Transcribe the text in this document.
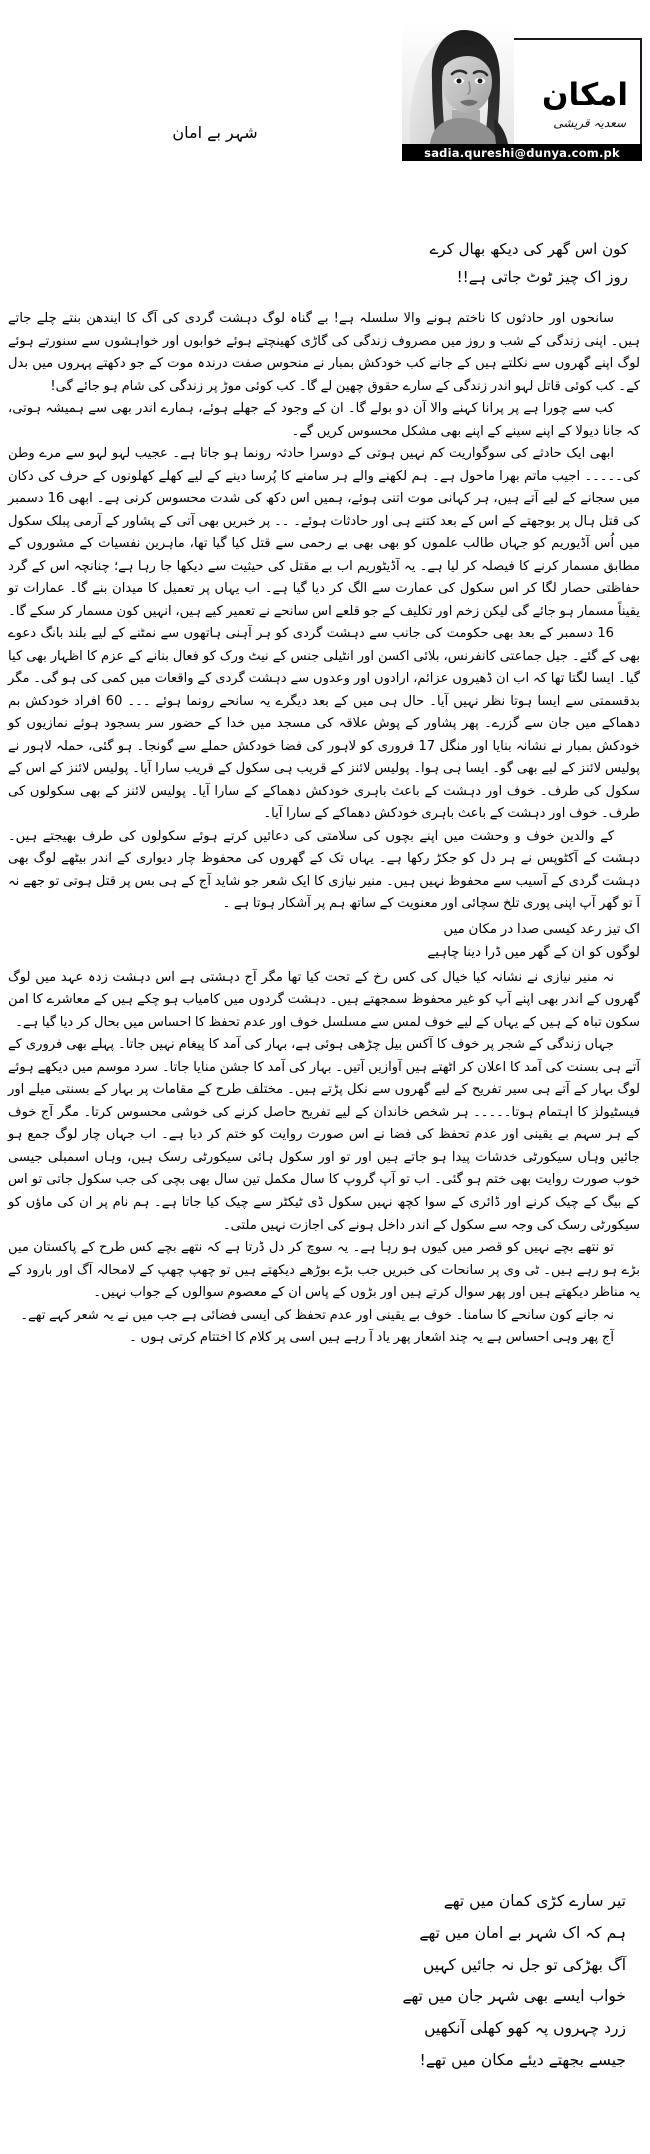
امکان
سعدیہ قریشی
sadia.qureshi@dunya.com.pk
شہر بے امان
کون اس گھر کی دیکھ بھال کرے
روز اک چیز ٹوٹ جاتی ہے!!

سانحوں اور حادثوں کا ناختم ہونے والا سلسلہ ہے! بے گناہ لوگ دہشت گردی کی آگ کا ایندھن بنتے چلے جاتے ہیں۔ اپنی زندگی کے شب و روز میں مصروف زندگی کی گاڑی کھینچتے ہوئے خوابوں اور خواہشوں سے سنورتے ہوئے لوگ اپنے گھروں سے نکلتے ہیں کے جانے کب خودکش بمبار نے منحوس صفت درندہ موت کے جو دکھتے پہروں میں بدل کے۔ کب کوئی قاتل لہو اندر زندگی کے سارے حقوق چھین لے گا۔ کب کوئی موڑ پر زندگی کی شام ہو جائے گی!

کب سے چورا ہے پر پرانا کہنے والا آن دو بولے گا۔ ان کے وجود کے جھلے ہوئے، ہمارے اندر بھی سے ہمیشہ ہوتی، کہ جانا دیولا کے اپنے سینے کے اپنے بھی مشکل محسوس کریں گے۔

ابھی ایک حادثے کی سوگواریت کم نہیں ہوتی کے دوسرا حادثہ رونما ہو جاتا ہے۔ عجیب لہو لہو سے مرے وطن کی۔۔۔۔۔ اجیب ماتم بھرا ماحول ہے۔ ہم لکھنے والے ہر سامنے کا پُرسا دینے کے لیے کھلے کھلونوں کے حرف کی دکان میں سجانے کے لیے آتے ہیں، ہر کہانی موت اتنی ہوئے، ہمیں اس دکھ کی شدت محسوس کرنی ہے۔ ابھی 16 دسمبر کی قتل ہال پر بوجھتے کے اس کے بعد کتنے ہی اور حادثات ہوئے۔ ۔۔ پر خبریں بھی آتی کے پشاور کے آرمی پبلک سکول میں اُس آڈیوریم کو جہاں طالب علموں کو بھی بھی بے رحمی سے قتل کیا گیا تھا، ماہرین نفسیات کے مشوروں کے مطابق مسمار کرنے کا فیصلہ کر لیا ہے۔ یہ آڈیٹوریم اب بے مقتل کی حیثیت سے دیکھا جا رہا ہے؛ چنانچہ اس کے گرد حفاظتی حصار لگا کر اس سکول کی عمارت سے الگ کر دیا گیا ہے۔ اب یہاں پر تعمیل کا میدان بنے گا۔ عمارات تو یقیناً مسمار ہو جائے گی لیکن زخم اور تکلیف کے جو قلعے اس سانحے نے تعمیر کیے ہیں، انہیں کون مسمار کر سکے گا۔

16 دسمبر کے بعد بھی حکومت کی جانب سے دہشت گردی کو ہر آہنی ہاتھوں سے نمٹنے کے لیے بلند بانگ دعوے بھی کے گئے۔ جیل جماعتی کانفرنس، بلائی اکسن اور انٹیلی جنس کے نیٹ ورک کو فعال بنانے کے عزم کا اظہار بھی کیا گیا۔ ایسا لگتا تھا کہ اب ان ڈھیروں عزائم، ارادوں اور وعدوں سے دہشت گردی کے واقعات میں کمی کی ہو گی۔ مگر بدقسمتی سے ایسا ہوتا نظر نہیں آیا۔ حال ہی میں کے بعد دیگرے یہ سانحے رونما ہوئے ۔۔۔ 60 افراد خودکش بم دھماکے میں جان سے گزرے۔ پھر پشاور کے پوش علاقہ کی مسجد میں خدا کے حضور سر بسجود ہوئے نمازیوں کو خودکش بمبار نے نشانہ بنایا اور منگل 17 فروری کو لاہور کی فضا خودکش حملے سے گونجا۔ ہو گئی، حملہ لاہور نے پولیس لائنز کے لیے بھی گو۔ ایسا ہی ہوا۔ پولیس لائنز کے قریب ہی سکول کے قریب سارا آیا۔ پولیس لائنز کے اس کے سکول کی طرف۔ خوف اور دہشت کے باعث باہری خودکش دھماکے کے سارا آیا۔ پولیس لائنز کے بھی سکولوں کی طرف۔ خوف اور دہشت کے باعث باہری خودکش دھماکے کے سارا آیا۔

کے والدین خوف و وحشت میں اپنے بچوں کی سلامتی کی دعائیں کرتے ہوئے سکولوں کی طرف بھیجتے ہیں۔ دہشت کے آکٹوپس نے ہر دل کو جکڑ رکھا ہے۔ یہاں تک کے گھروں کی محفوظ چار دیواری کے اندر بیٹھے لوگ بھی دہشت گردی کے آسیب سے محفوظ نہیں ہیں۔ منیر نیازی کا ایک شعر جو شاید آج کے ہی بس پر قتل ہوتی تو جھے نہ آ تو گھر آپ اپنی پوری تلخ سچائی اور معنویت کے ساتھ ہم پر آشکار ہوتا ہے ۔

اک تیز رعد کیسی صدا در مکان میں
لوگوں کو ان کے گھر میں ڈرا دینا چاہیے

نہ منیر نیازی نے نشانہ کیا خیال کی کس رخ کے تحت کیا تھا مگر آج دہشتی ہے اس دہشت زدہ عہد میں لوگ گھروں کے اندر بھی اپنے آپ کو غیر محفوظ سمجھتے ہیں۔ دہشت گردوں میں کامیاب ہو چکے ہیں کے معاشرے کا امن سکون تباہ کے ہیں کے یہاں کے لیے خوف لمس سے مسلسل خوف اور عدم تحفظ کا احساس میں بحال کر دیا گیا ہے۔

جہاں زندگی کے شجر پر خوف کا آکس بیل چڑھی ہوئی ہے، بہار کی آمد کا پیغام نہیں جاتا۔ پہلے بھی فروری کے آتے ہی بسنت کی آمد کا اعلان کر اٹھتے ہیں آوازیں آتیں۔ بہار کی آمد کا جشن منایا جاتا۔ سرد موسم میں دیکھے ہوئے لوگ بہار کے آتے ہی سیر تفریح کے لیے گھروں سے نکل پڑتے ہیں۔ مختلف طرح کے مقامات پر بہار کے بسنتی میلے اور فیسٹیولز کا اہتمام ہوتا۔۔۔۔۔ ہر شخص خاندان کے لیے تفریح حاصل کرنے کی خوشی محسوس کرتا۔ مگر آج خوف کے ہر سہم بے یقینی اور عدم تحفظ کی فضا نے اس صورت روایت کو ختم کر دیا ہے۔ اب جہاں چار لوگ جمع ہو جائیں وہاں سیکورٹی خدشات پیدا ہو جاتے ہیں اور تو اور سکول ہائی سیکورٹی رسک ہیں، وہاں اسمبلی جیسی خوب صورت روایت بھی ختم ہو گئی۔ اب تو آپ گروپ کا سال مکمل تین سال بھی بچی کی جب سکول جاتی تو اس کے بیگ کے چیک کرنے اور ڈائری کے سوا کچھ نہیں سکول ڈی ٹیکٹر سے چیک کیا جاتا ہے۔ ہم نام پر ان کی ماؤں کو سیکورٹی رسک کی وجہ سے سکول کے اندر داخل ہونے کی اجازت نہیں ملتی۔

تو نتھے بچے نہیں کو قصر میں کیوں ہو رہا ہے۔ یہ سوچ کر دل ڈرتا ہے کہ نتھے بچے کس طرح کے پاکستان میں بڑے ہو رہے ہیں۔ ٹی وی پر سانحات کی خبریں جب بڑے بوڑھے دیکھتے ہیں تو چھپ چھپ کے لامحالہ آگ اور بارود کے یہ مناظر دیکھتے ہیں اور پھر سوال کرتے ہیں اور بڑوں کے پاس ان کے معصوم سوالوں کے جواب نہیں۔

نہ جانے کون سانحے کا سامنا۔ خوف بے یقینی اور عدم تحفظ کی ایسی فضائی ہے جب میں نے یہ شعر کہے تھے۔

آج پھر وہی احساس ہے یہ چند اشعار پھر یاد آ رہے ہیں اسی پر کلام کا اختتام کرتی ہوں ۔

تیر سارے کڑی کمان میں تھے
ہم کہ اک شہر بے امان میں تھے
آگ بھڑکی تو جل نہ جائیں کہیں
خواب ایسے بھی شہر جان میں تھے
زرد چہروں پہ کھو کھلی آنکھیں
جیسے بجھتے دیئے مکان میں تھے!
